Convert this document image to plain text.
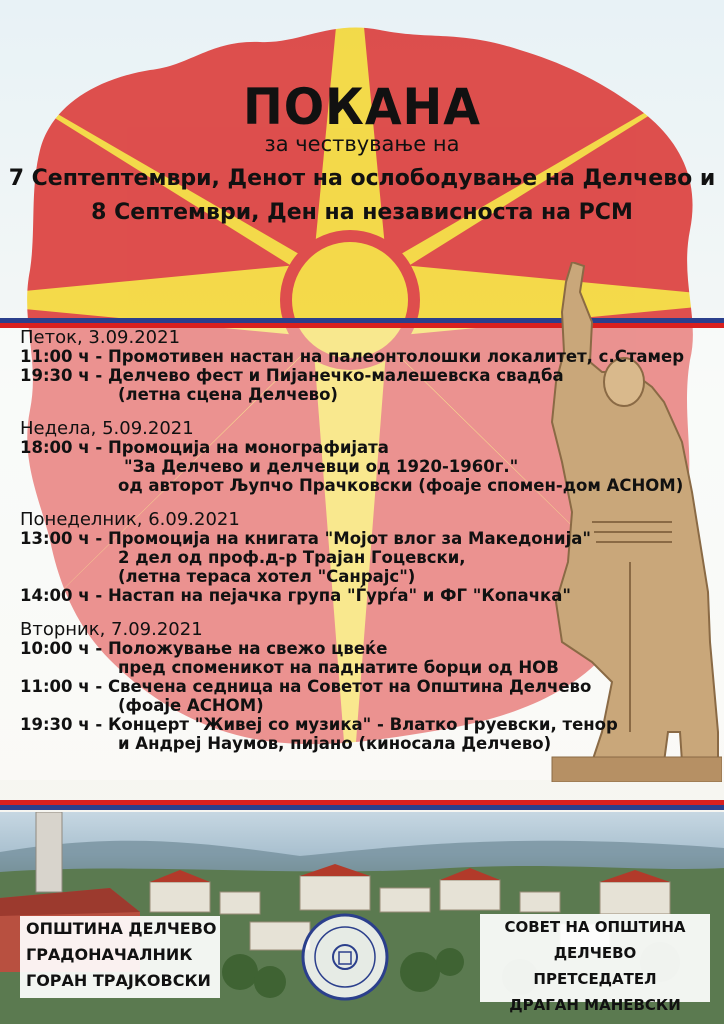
ПОКАНА
за чествување на
7 Септептември, Денот на ослободување на Делчево и
8 Септември, Ден на независноста на РСМ
Петок, 3.09.2021
11:00 ч - Промотивен настан на палеонтолошки локалитет, с.Стамер
19:30 ч - Делчево фест и Пијанечко-малешевска свадба
(летна сцена Делчево)
Недела, 5.09.2021
18:00 ч - Промоција на монографијата
"За Делчево и делчевци од 1920-1960г."
од авторот Љупчо Прачковски (фоаје спомен-дом АСНОМ)
Понеделник, 6.09.2021
13:00 ч - Промоција на книгата "Мојот влог за Македонија"
2 дел од проф.д-р Трајан Гоцевски,
(летна тераса хотел "Санрајс")
14:00 ч - Настап на пејачка група "Ѓурѓа" и ФГ "Копачка"
Вторник, 7.09.2021
10:00 ч - Положување на свежо цвеќе
пред споменикот на паднатите борци од НОВ
11:00 ч - Свечена седница на Советот на Општина Делчево
(фоаје АСНОМ)
19:30 ч - Концерт "Живеј со музика" - Влатко Груевски, тенор
и Андреј Наумов, пијано (киносала Делчево)
ОПШТИНА ДЕЛЧЕВО
ГРАДОНАЧАЛНИК
ГОРАН ТРАЈКОВСКИ
СОВЕТ НА ОПШТИНА ДЕЛЧЕВО
ПРЕТСЕДАТЕЛ
ДРАГАН МАНЕВСКИ
